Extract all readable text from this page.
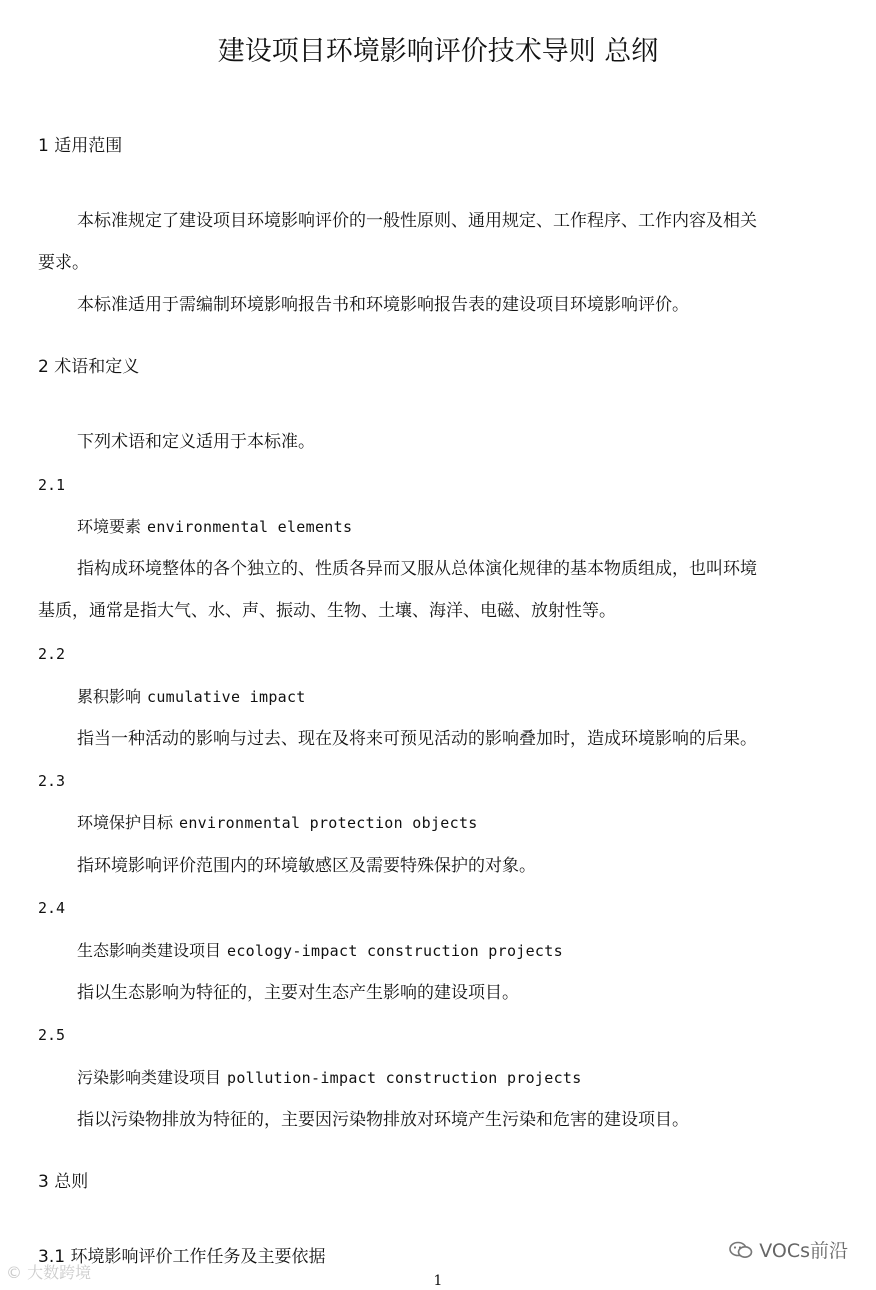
建设项目环境影响评价技术导则 总纲
1 适用范围
本标准规定了建设项目环境影响评价的一般性原则、通用规定、工作程序、工作内容及相关
要求。
本标准适用于需编制环境影响报告书和环境影响报告表的建设项目环境影响评价。
2 术语和定义
下列术语和定义适用于本标准。
2.1
环境要素 environmental elements
指构成环境整体的各个独立的、性质各异而又服从总体演化规律的基本物质组成，也叫环境
基质，通常是指大气、水、声、振动、生物、土壤、海洋、电磁、放射性等。
2.2
累积影响 cumulative impact
指当一种活动的影响与过去、现在及将来可预见活动的影响叠加时，造成环境影响的后果。
2.3
环境保护目标 environmental protection objects
指环境影响评价范围内的环境敏感区及需要特殊保护的对象。
2.4
生态影响类建设项目 ecology-impact construction projects
指以生态影响为特征的，主要对生态产生影响的建设项目。
2.5
污染影响类建设项目 pollution-impact construction projects
指以污染物排放为特征的，主要因污染物排放对环境产生污染和危害的建设项目。
3 总则
3.1 环境影响评价工作任务及主要依据
1
© 大数跨境
VOCs前沿
